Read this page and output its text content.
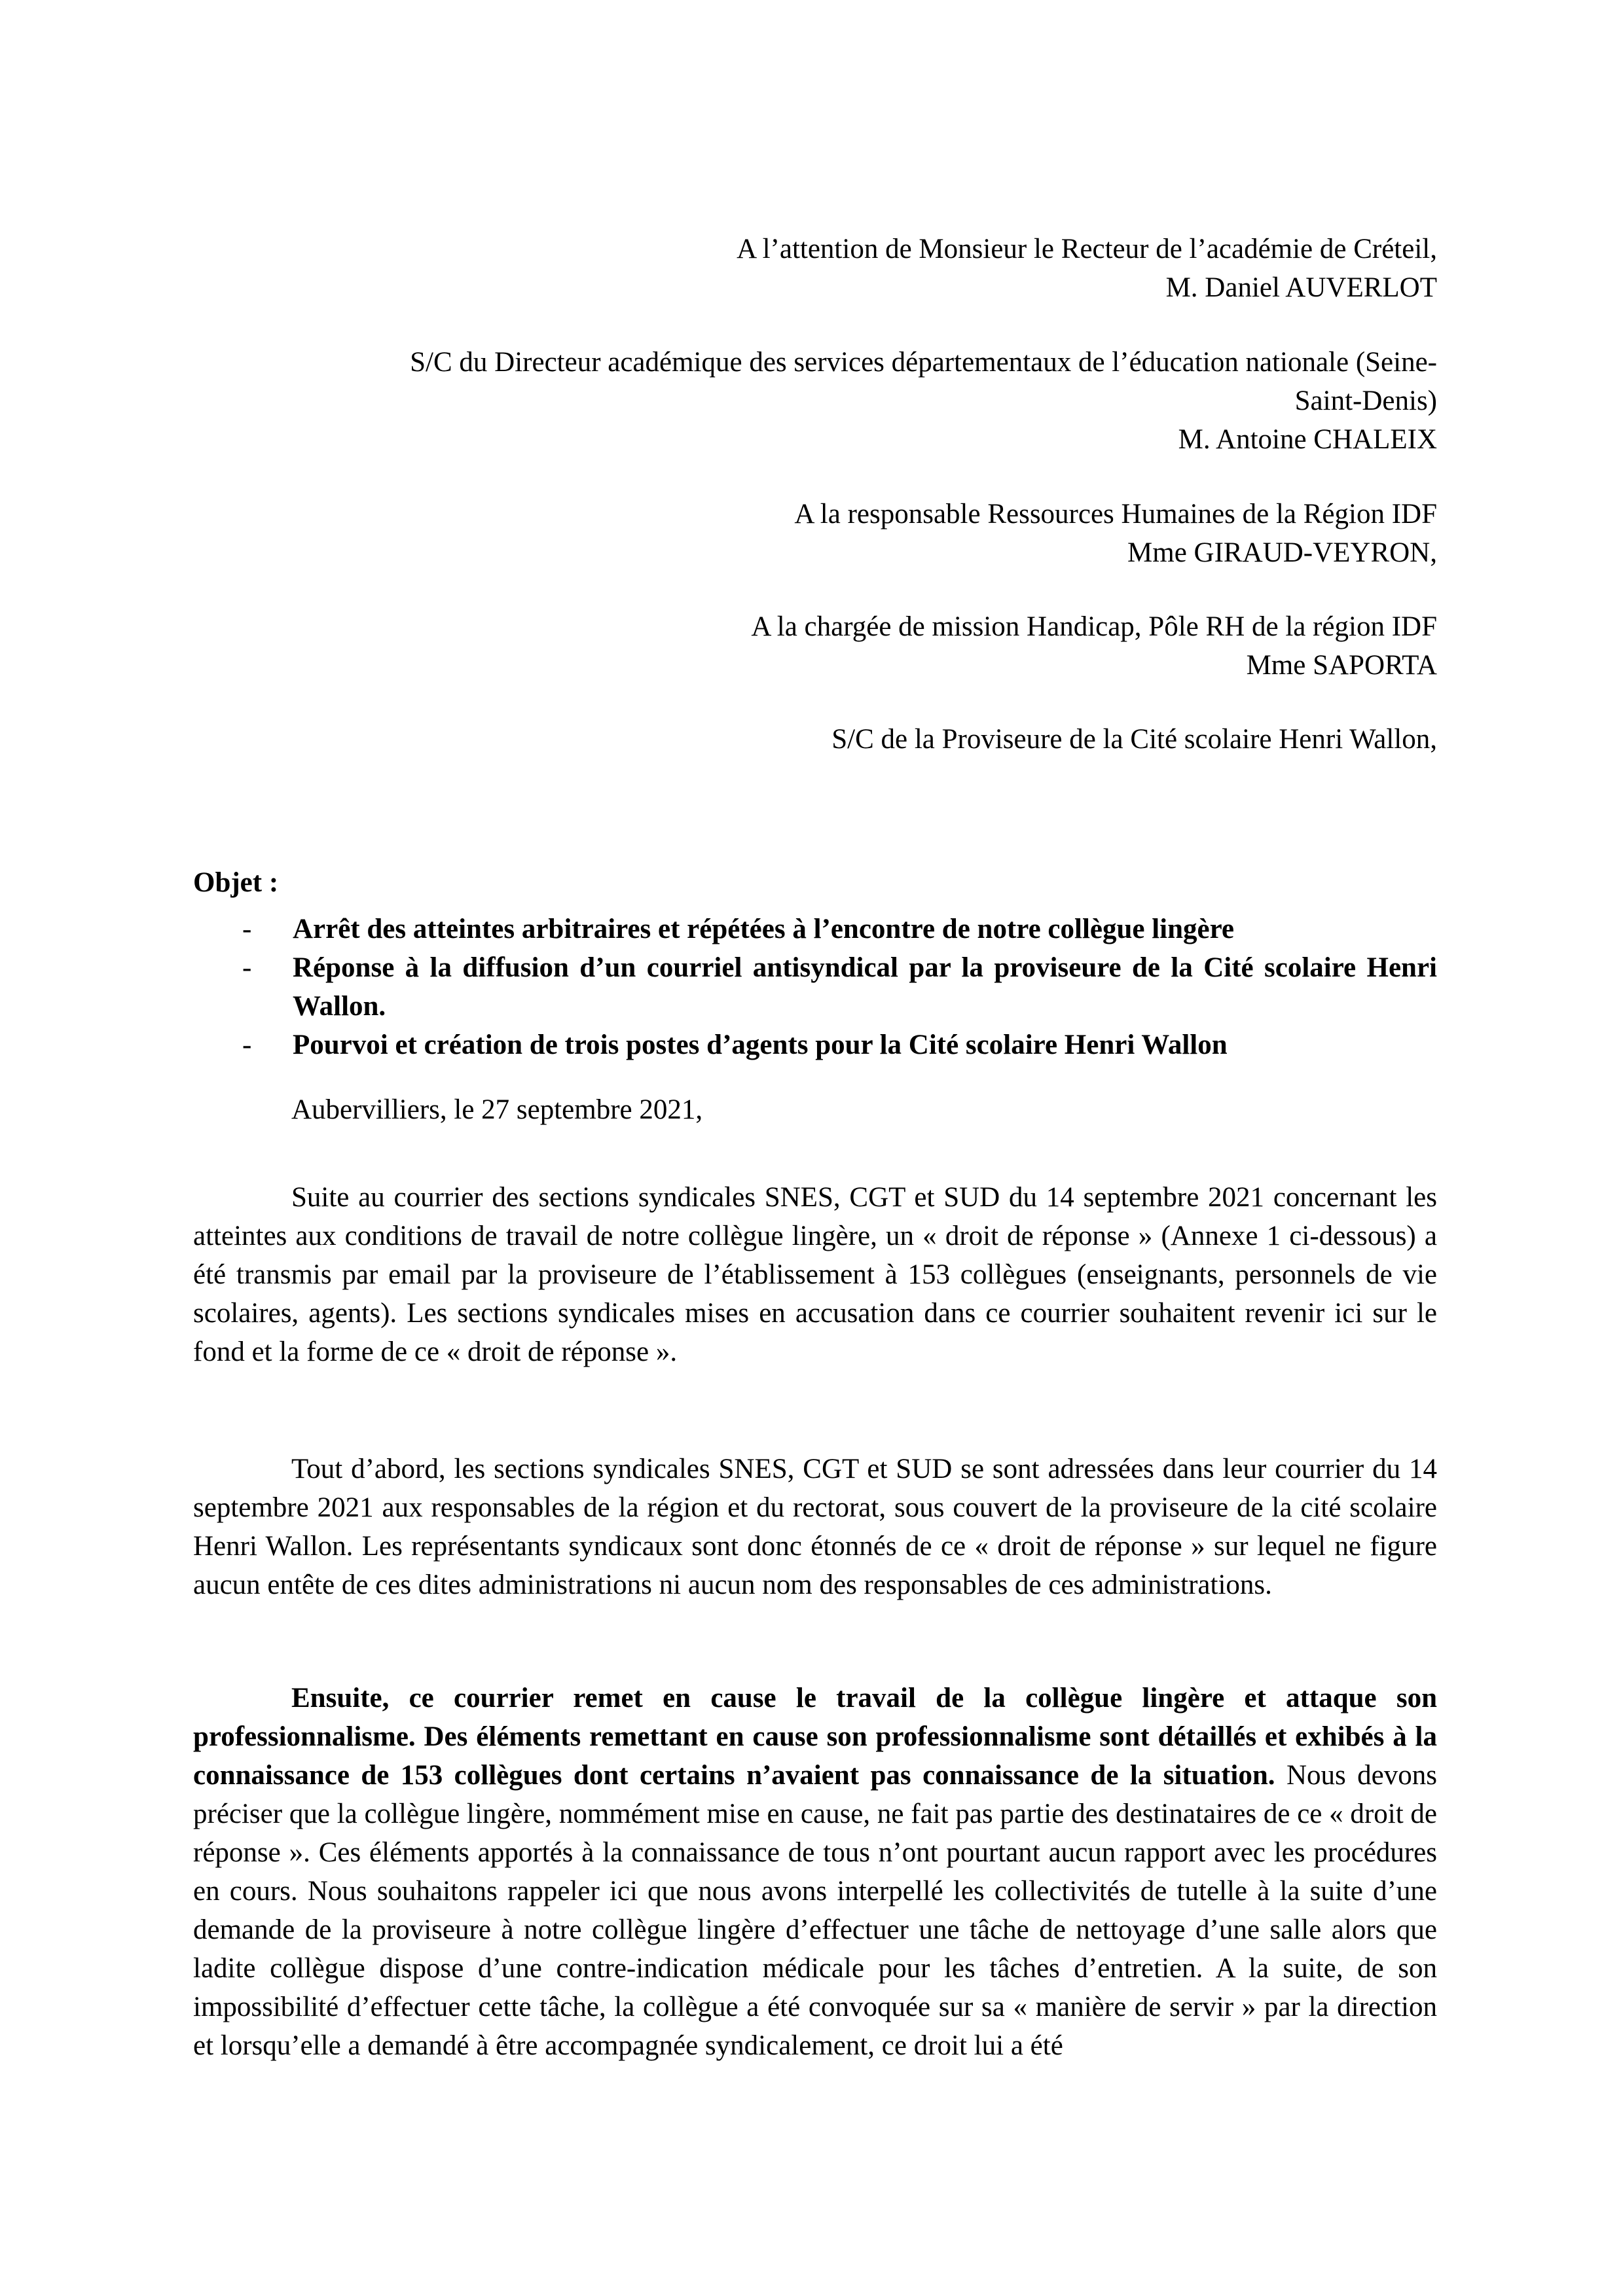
A l’attention de Monsieur le Recteur de l’académie de Créteil,
M. Daniel AUVERLOT
S/C du Directeur académique des services départementaux de l’éducation nationale (Seine-
Saint-Denis)
M. Antoine CHALEIX
A la responsable Ressources Humaines de la Région IDF
Mme GIRAUD-VEYRON,
A la chargée de mission Handicap, Pôle RH de la région IDF
Mme SAPORTA
S/C de la Proviseure de la Cité scolaire Henri Wallon,
Objet :
- Arrêt des atteintes arbitraires et répétées à l’encontre de notre collègue lingère
- Réponse à la diffusion d’un courriel antisyndical par la proviseure de la Cité scolaire Henri Wallon.
- Pourvoi et création de trois postes d’agents pour la Cité scolaire Henri Wallon
Aubervilliers, le 27 septembre 2021,
Suite au courrier des sections syndicales SNES, CGT et SUD du 14 septembre 2021 concernant les atteintes aux conditions de travail de notre collègue lingère, un « droit de réponse » (Annexe 1 ci-dessous) a été transmis par email par la proviseure de l’établissement à 153 collègues (enseignants, personnels de vie scolaires, agents). Les sections syndicales mises en accusation dans ce courrier souhaitent revenir ici sur le fond et la forme de ce « droit de réponse ».
Tout d’abord, les sections syndicales SNES, CGT et SUD se sont adressées dans leur courrier du 14 septembre 2021 aux responsables de la région et du rectorat, sous couvert de la proviseure de la cité scolaire Henri Wallon. Les représentants syndicaux sont donc étonnés de ce « droit de réponse » sur lequel ne figure aucun entête de ces dites administrations ni aucun nom des responsables de ces administrations.
Ensuite, ce courrier remet en cause le travail de la collègue lingère et attaque son professionnalisme. Des éléments remettant en cause son professionnalisme sont détaillés et exhibés à la connaissance de 153 collègues dont certains n’avaient pas connaissance de la situation. Nous devons préciser que la collègue lingère, nommément mise en cause, ne fait pas partie des destinataires de ce « droit de réponse ». Ces éléments apportés à la connaissance de tous n’ont pourtant aucun rapport avec les procédures en cours. Nous souhaitons rappeler ici que nous avons interpellé les collectivités de tutelle à la suite d’une demande de la proviseure à notre collègue lingère d’effectuer une tâche de nettoyage d’une salle alors que ladite collègue dispose d’une contre-indication médicale pour les tâches d’entretien. A la suite, de son impossibilité d’effectuer cette tâche, la collègue a été convoquée sur sa « manière de servir » par la direction et lorsqu’elle a demandé à être accompagnée syndicalement, ce droit lui a été
